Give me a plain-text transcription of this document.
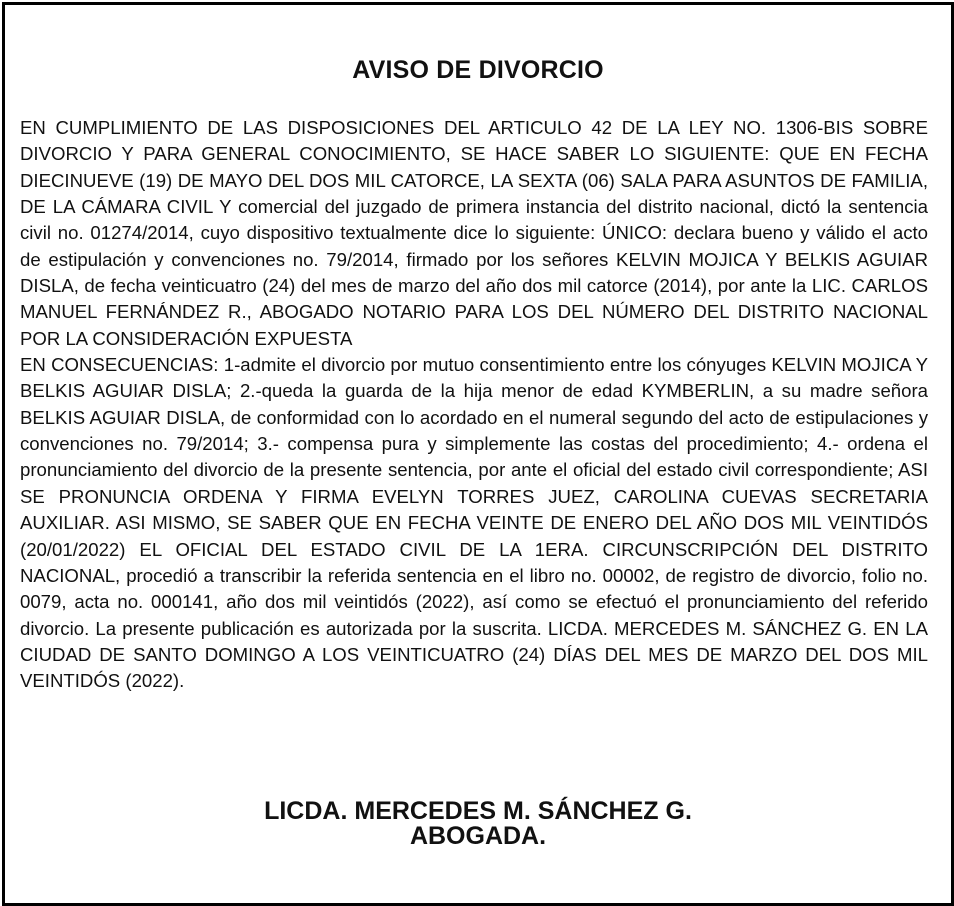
AVISO DE DIVORCIO

EN CUMPLIMIENTO DE LAS DISPOSICIONES DEL ARTICULO 42 DE LA LEY NO. 1306-BIS SOBRE DIVORCIO Y PARA GENERAL CONOCIMIENTO, SE HACE SABER LO SIGUIENTE: QUE EN FECHA DIECINUEVE (19) DE MAYO DEL DOS MIL CATORCE, LA SEXTA (06) SALA PARA ASUNTOS DE FAMILIA, DE LA CÁMARA CIVIL Y comercial del juzgado de primera instancia del distrito nacional, dictó la sentencia civil no. 01274/2014, cuyo dispositivo textualmente dice lo siguiente: ÚNICO: declara bueno y válido el acto de estipulación y convenciones no. 79/2014, firmado por los señores KELVIN MOJICA Y BELKIS AGUIAR DISLA, de fecha veinticuatro (24) del mes de marzo del año dos mil catorce (2014), por ante la LIC. CARLOS MANUEL FERNÁNDEZ R., ABOGADO NOTARIO PARA LOS DEL NÚMERO DEL DISTRITO NACIONAL POR LA CONSIDERACIÓN EXPUESTA

EN CONSECUENCIAS: 1-admite el divorcio por mutuo consentimiento entre los cónyuges KELVIN MOJICA Y BELKIS AGUIAR DISLA; 2.-queda la guarda de la hija menor de edad KYMBERLIN, a su madre señora BELKIS AGUIAR DISLA, de conformidad con lo acordado en el numeral segundo del acto de estipulaciones y convenciones no. 79/2014; 3.- compensa pura y simplemente las costas del procedimiento; 4.- ordena el pronunciamiento del divorcio de la presente sentencia, por ante el oficial del estado civil correspondiente; ASI SE PRONUNCIA ORDENA Y FIRMA EVELYN TORRES JUEZ, CAROLINA CUEVAS SECRETARIA AUXILIAR. ASI MISMO, SE SABER QUE EN FECHA VEINTE DE ENERO DEL AÑO DOS MIL VEINTIDÓS (20/01/2022) EL OFICIAL DEL ESTADO CIVIL DE LA 1ERA. CIRCUNSCRIPCIÓN DEL DISTRITO NACIONAL, procedió a transcribir la referida sentencia en el libro no. 00002, de registro de divorcio, folio no. 0079, acta no. 000141, año dos mil veintidós (2022), así como se efectuó el pronunciamiento del referido divorcio. La presente publicación es autorizada por la suscrita. LICDA. MERCEDES M. SÁNCHEZ G. EN LA CIUDAD DE SANTO DOMINGO A LOS VEINTICUATRO (24) DÍAS DEL MES DE MARZO DEL DOS MIL VEINTIDÓS (2022).

LICDA. MERCEDES M. SÁNCHEZ G.
ABOGADA.
